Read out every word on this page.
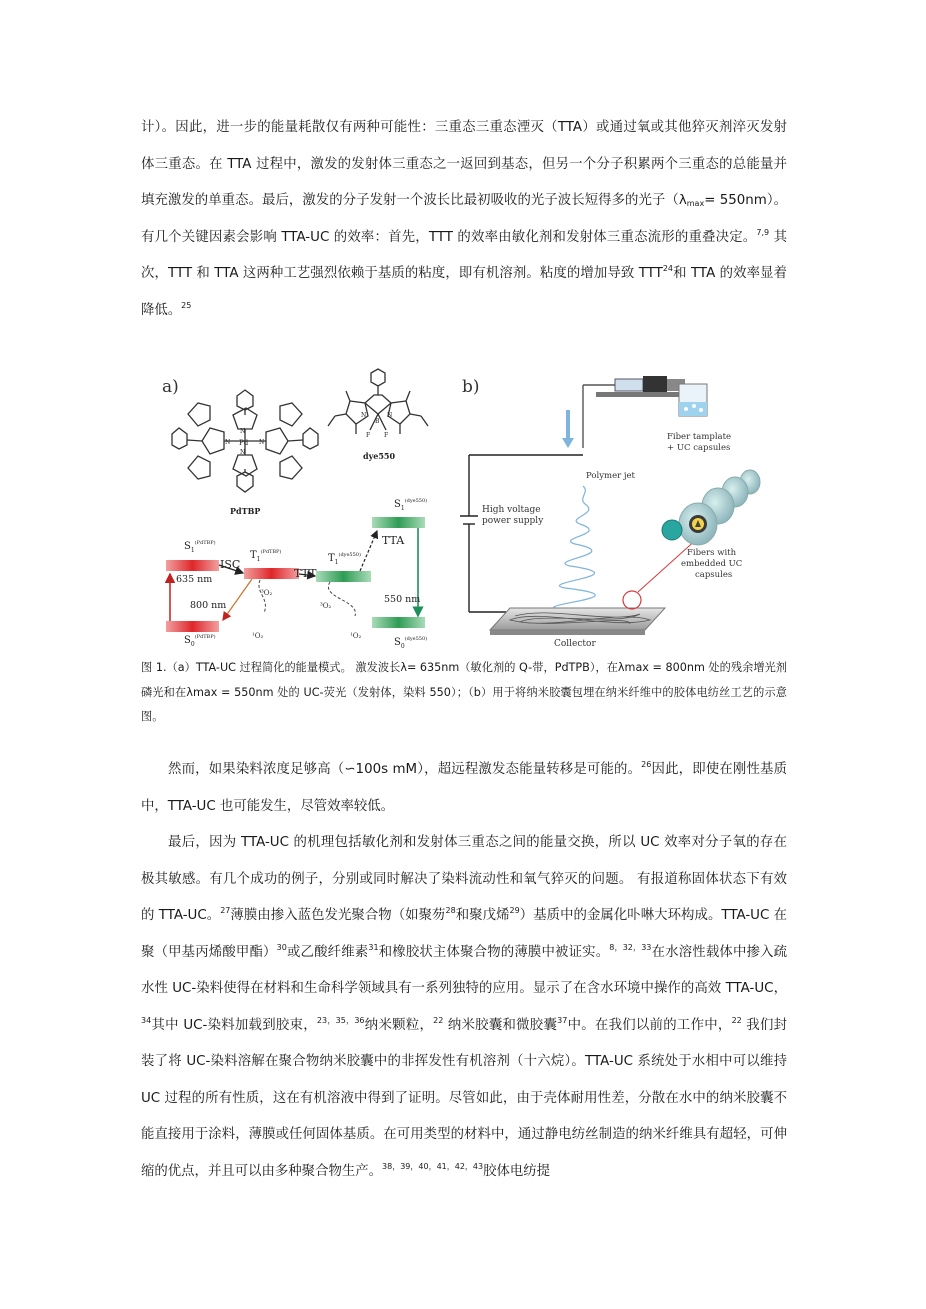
计）。因此，进一步的能量耗散仅有两种可能性：三重态三重态湮灭（TTA）或通过氧或其他猝灭剂淬灭发射体三重态。在 TTA 过程中，激发的发射体三重态之一返回到基态，但另一个分子积累两个三重态的总能量并填充激发的单重态。最后，激发的分子发射一个波长比最初吸收的光子波长短得多的光子$(\lambda_{max}= 550nm)$。有几个关键因素会影响 TTA-UC 的效率：首先，TTT 的效率由敏化剂和发射体三重态流形的重叠决定。$^{7,9}$ 其次，TTT 和 TTA 这两种工艺强烈依赖于基质的粘度，即有机溶剂。粘度的增加导致 TTT$^{24}$和 TTA 的效率显着降低。$^{25}$

a)
Pd
N
N
N	N
PdTBP
B
F F
N	N
dye550
$S_1^{(PdTBP)}$
$S_0^{(PdTBP)}$
$T_1^{(PdTBP)}$
$T_1^{(dye550)}$
$S_1^{(dye550)}$
$S_0^{(dye550)}$
ISC
TTT
TTA
635 nm
800 nm
550 nm
³O₂
¹O₂
³O₂
¹O₂
b)
Fiber tamplate
+ UC capsules
Polymer jet
High voltage
power supply
Collector
Fibers with
embedded UC
capsules

图 1.（a）TTA-UC 过程简化的能量模式。 激发波长λ= 635nm（敏化剂的 Q-带，PdTPB），在λmax = 800nm 处的残余增光剂磷光和在λmax = 550nm 处的 UC-荧光（发射体，染料 550）；（b）用于将纳米胶囊包埋在纳米纤维中的胶体电纺丝工艺的示意图。

然而，如果染料浓度足够高（∽100s mM），超远程激发态能量转移是可能的。$^{26}$因此，即使在刚性基质中，TTA-UC 也可能发生，尽管效率较低。

最后，因为 TTA-UC 的机理包括敏化剂和发射体三重态之间的能量交换，所以 UC 效率对分子氧的存在极其敏感。有几个成功的例子，分别或同时解决了染料流动性和氧气猝灭的问题。 有报道称固体状态下有效的 TTA-UC。$^{27}$薄膜由掺入蓝色发光聚合物（如聚芴$^{28}$和聚戊烯$^{29}$）基质中的金属化卟啉大环构成。TTA-UC 在聚（甲基丙烯酸甲酯）$^{30}$或乙酸纤维素$^{31}$和橡胶状主体聚合物的薄膜中被证实。$^{8,32,33}$在水溶性载体中掺入疏水性 UC-染料使得在材料和生命科学领域具有一系列独特的应用。显示了在含水环境中操作的高效 TTA-UC，$^{34}$其中 UC-染料加载到胶束，$^{23,35,36}$纳米颗粒，$^{22}$ 纳米胶囊和微胶囊$^{37}$中。在我们以前的工作中，$^{22}$ 我们封装了将 UC-染料溶解在聚合物纳米胶囊中的非挥发性有机溶剂（十六烷）。TTA-UC 系统处于水相中可以维持 UC 过程的所有性质，这在有机溶液中得到了证明。尽管如此，由于壳体耐用性差，分散在水中的纳米胶囊不能直接用于涂料，薄膜或任何固体基质。在可用类型的材料中，通过静电纺丝制造的纳米纤维具有超轻，可伸缩的优点，并且可以由多种聚合物生产。$^{38,39,40,41,42,43}$胶体电纺提
